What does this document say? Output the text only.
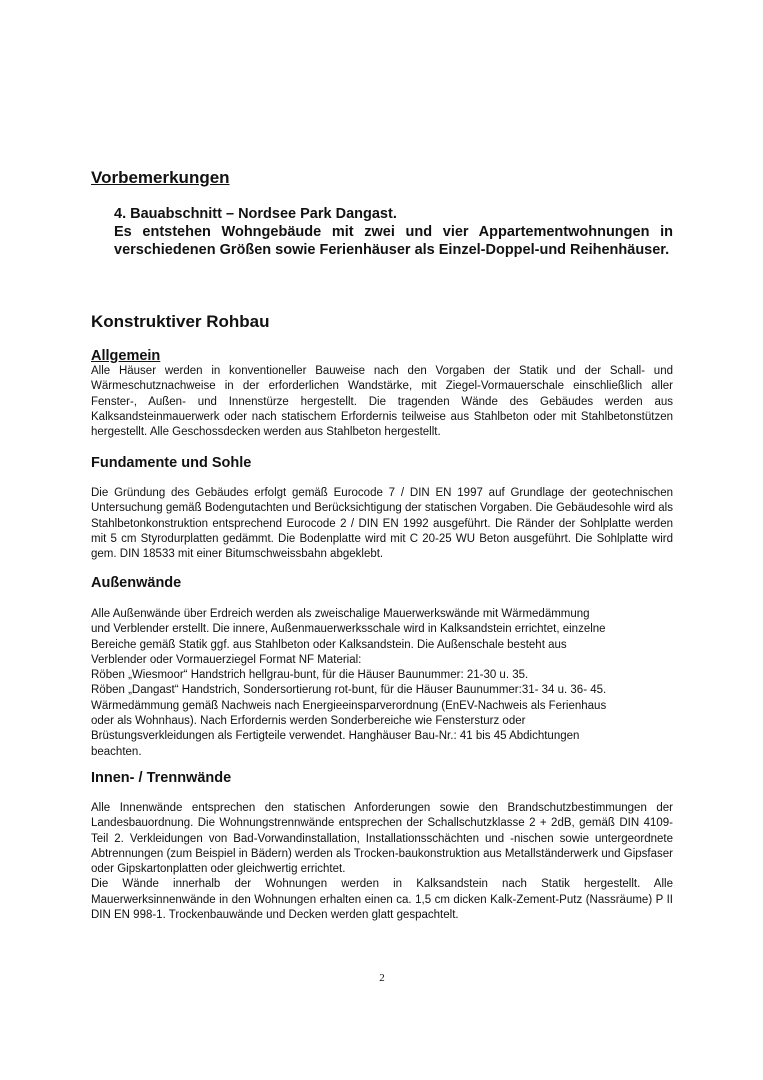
Vorbemerkungen
4. Bauabschnitt – Nordsee Park Dangast.
Es entstehen Wohngebäude mit zwei und vier Appartementwohnungen in verschiedenen Größen sowie Ferienhäuser als Einzel-Doppel-und Reihenhäuser.
Konstruktiver Rohbau
Allgemein

Alle Häuser werden in konventioneller Bauweise nach den Vorgaben der Statik und der Schall- und Wärmeschutznachweise in der erforderlichen Wandstärke, mit Ziegel-Vormauerschale einschließlich aller Fenster-, Außen- und Innenstürze hergestellt. Die tragenden Wände des Gebäudes werden aus Kalksandsteinmauerwerk oder nach statischem Erfordernis teilweise aus Stahlbeton oder mit Stahlbetonstützen hergestellt. Alle Geschossdecken werden aus Stahlbeton hergestellt.

Fundamente und Sohle

Die Gründung des Gebäudes erfolgt gemäß Eurocode 7 / DIN EN 1997 auf Grundlage der geotechnischen Untersuchung gemäß Bodengutachten und Berücksichtigung der statischen Vorgaben. Die Gebäudesohle wird als Stahlbetonkonstruktion entsprechend Eurocode 2 / DIN EN 1992 ausgeführt. Die Ränder der Sohlplatte werden mit 5 cm Styrodurplatten gedämmt. Die Bodenplatte wird mit C 20-25 WU Beton ausgeführt. Die Sohlplatte wird gem. DIN 18533 mit einer Bitumschweissbahn abgeklebt.

Außenwände
Alle Außenwände über Erdreich werden als zweischalige Mauerwerkswände mit Wärmedämmung
und Verblender erstellt. Die innere, Außenmauerwerksschale wird in Kalksandstein errichtet, einzelne
Bereiche gemäß Statik ggf. aus Stahlbeton oder Kalksandstein. Die Außenschale besteht aus
Verblender oder Vormauerziegel Format NF Material:
Röben „Wiesmoor“ Handstrich hellgrau-bunt, für die Häuser Baunummer: 21-30 u. 35.
Röben „Dangast“ Handstrich, Sondersortierung rot-bunt, für die Häuser Baunummer:31- 34 u. 36- 45.
Wärmedämmung gemäß Nachweis nach Energieeinsparverordnung (EnEV-Nachweis als Ferienhaus
oder als Wohnhaus). Nach Erfordernis werden Sonderbereiche wie Fenstersturz oder
Brüstungsverkleidungen als Fertigteile verwendet. Hanghäuser Bau-Nr.: 41 bis 45 Abdichtungen
beachten.
Innen- / Trennwände
Alle Innenwände entsprechen den statischen Anforderungen sowie den Brandschutzbestimmungen der Landesbauordnung. Die Wohnungstrennwände entsprechen der Schallschutzklasse 2 + 2dB, gemäß DIN 4109-Teil 2. Verkleidungen von Bad-Vorwandinstallation, Installationsschächten und -nischen sowie untergeordnete Abtrennungen (zum Beispiel in Bädern) werden als Trocken-baukonstruktion aus Metallständerwerk und Gipsfaser oder Gipskartonplatten oder gleichwertig errichtet.
Die Wände innerhalb der Wohnungen werden in Kalksandstein nach Statik hergestellt. Alle Mauerwerksinnenwände in den Wohnungen erhalten einen ca. 1,5 cm dicken Kalk-Zement-Putz (Nassräume) P II DIN EN 998-1. Trockenbauwände und Decken werden glatt gespachtelt.

2
